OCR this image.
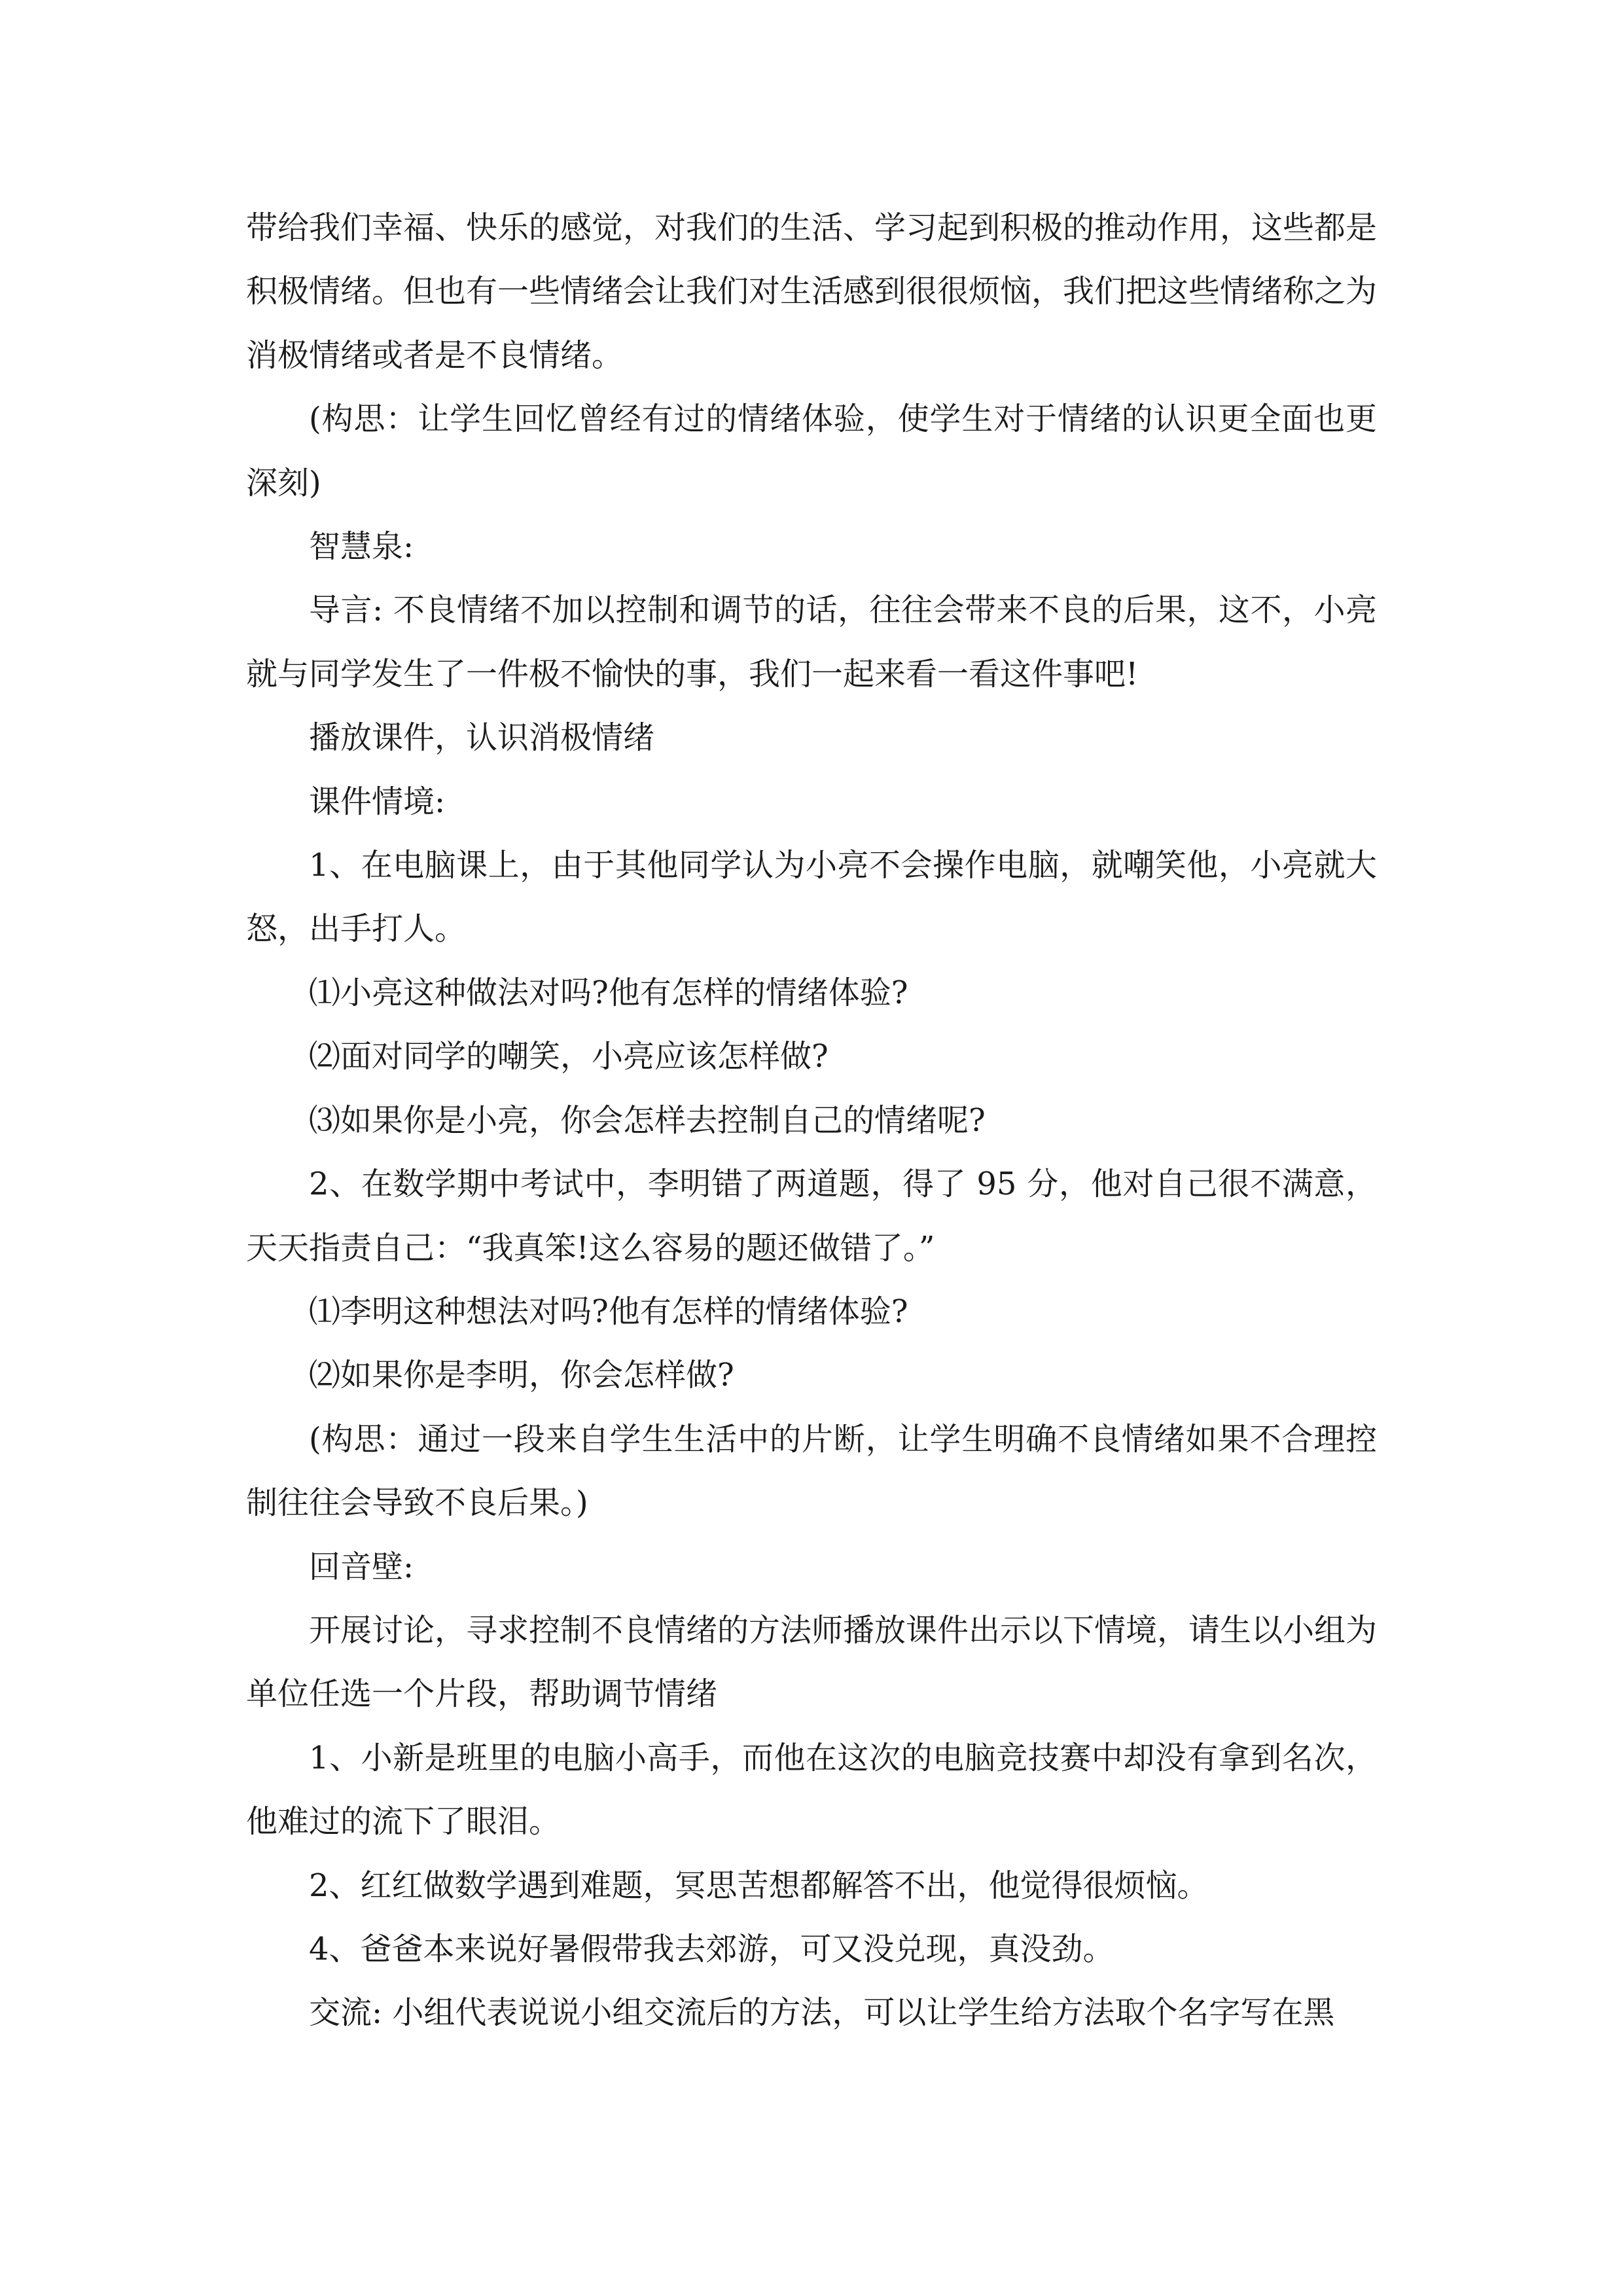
带给我们幸福、快乐的感觉，对我们的生活、学习起到积极的推动作用，这些都是积极情绪。但也有一些情绪会让我们对生活感到很很烦恼，我们把这些情绪称之为消极情绪或者是不良情绪。

(构思：让学生回忆曾经有过的情绪体验，使学生对于情绪的认识更全面也更深刻)

智慧泉:

导言: 不良情绪不加以控制和调节的话，往往会带来不良的后果，这不，小亮就与同学发生了一件极不愉快的事，我们一起来看一看这件事吧!

播放课件，认识消极情绪

课件情境:

1、在电脑课上，由于其他同学认为小亮不会操作电脑，就嘲笑他，小亮就大怒，出手打人。

⑴小亮这种做法对吗?他有怎样的情绪体验?

⑵面对同学的嘲笑，小亮应该怎样做?

⑶如果你是小亮，你会怎样去控制自己的情绪呢?

2、在数学期中考试中，李明错了两道题，得了 95 分，他对自己很不满意，天天指责自己：“我真笨!这么容易的题还做错了。”

⑴李明这种想法对吗?他有怎样的情绪体验?

⑵如果你是李明，你会怎样做?

(构思：通过一段来自学生生活中的片断，让学生明确不良情绪如果不合理控制往往会导致不良后果。)

回音壁:

开展讨论，寻求控制不良情绪的方法师播放课件出示以下情境，请生以小组为单位任选一个片段，帮助调节情绪

1、小新是班里的电脑小高手，而他在这次的电脑竞技赛中却没有拿到名次，他难过的流下了眼泪。

2、红红做数学遇到难题，冥思苦想都解答不出，他觉得很烦恼。

4、爸爸本来说好暑假带我去郊游，可又没兑现，真没劲。

交流: 小组代表说说小组交流后的方法，可以让学生给方法取个名字写在黑
